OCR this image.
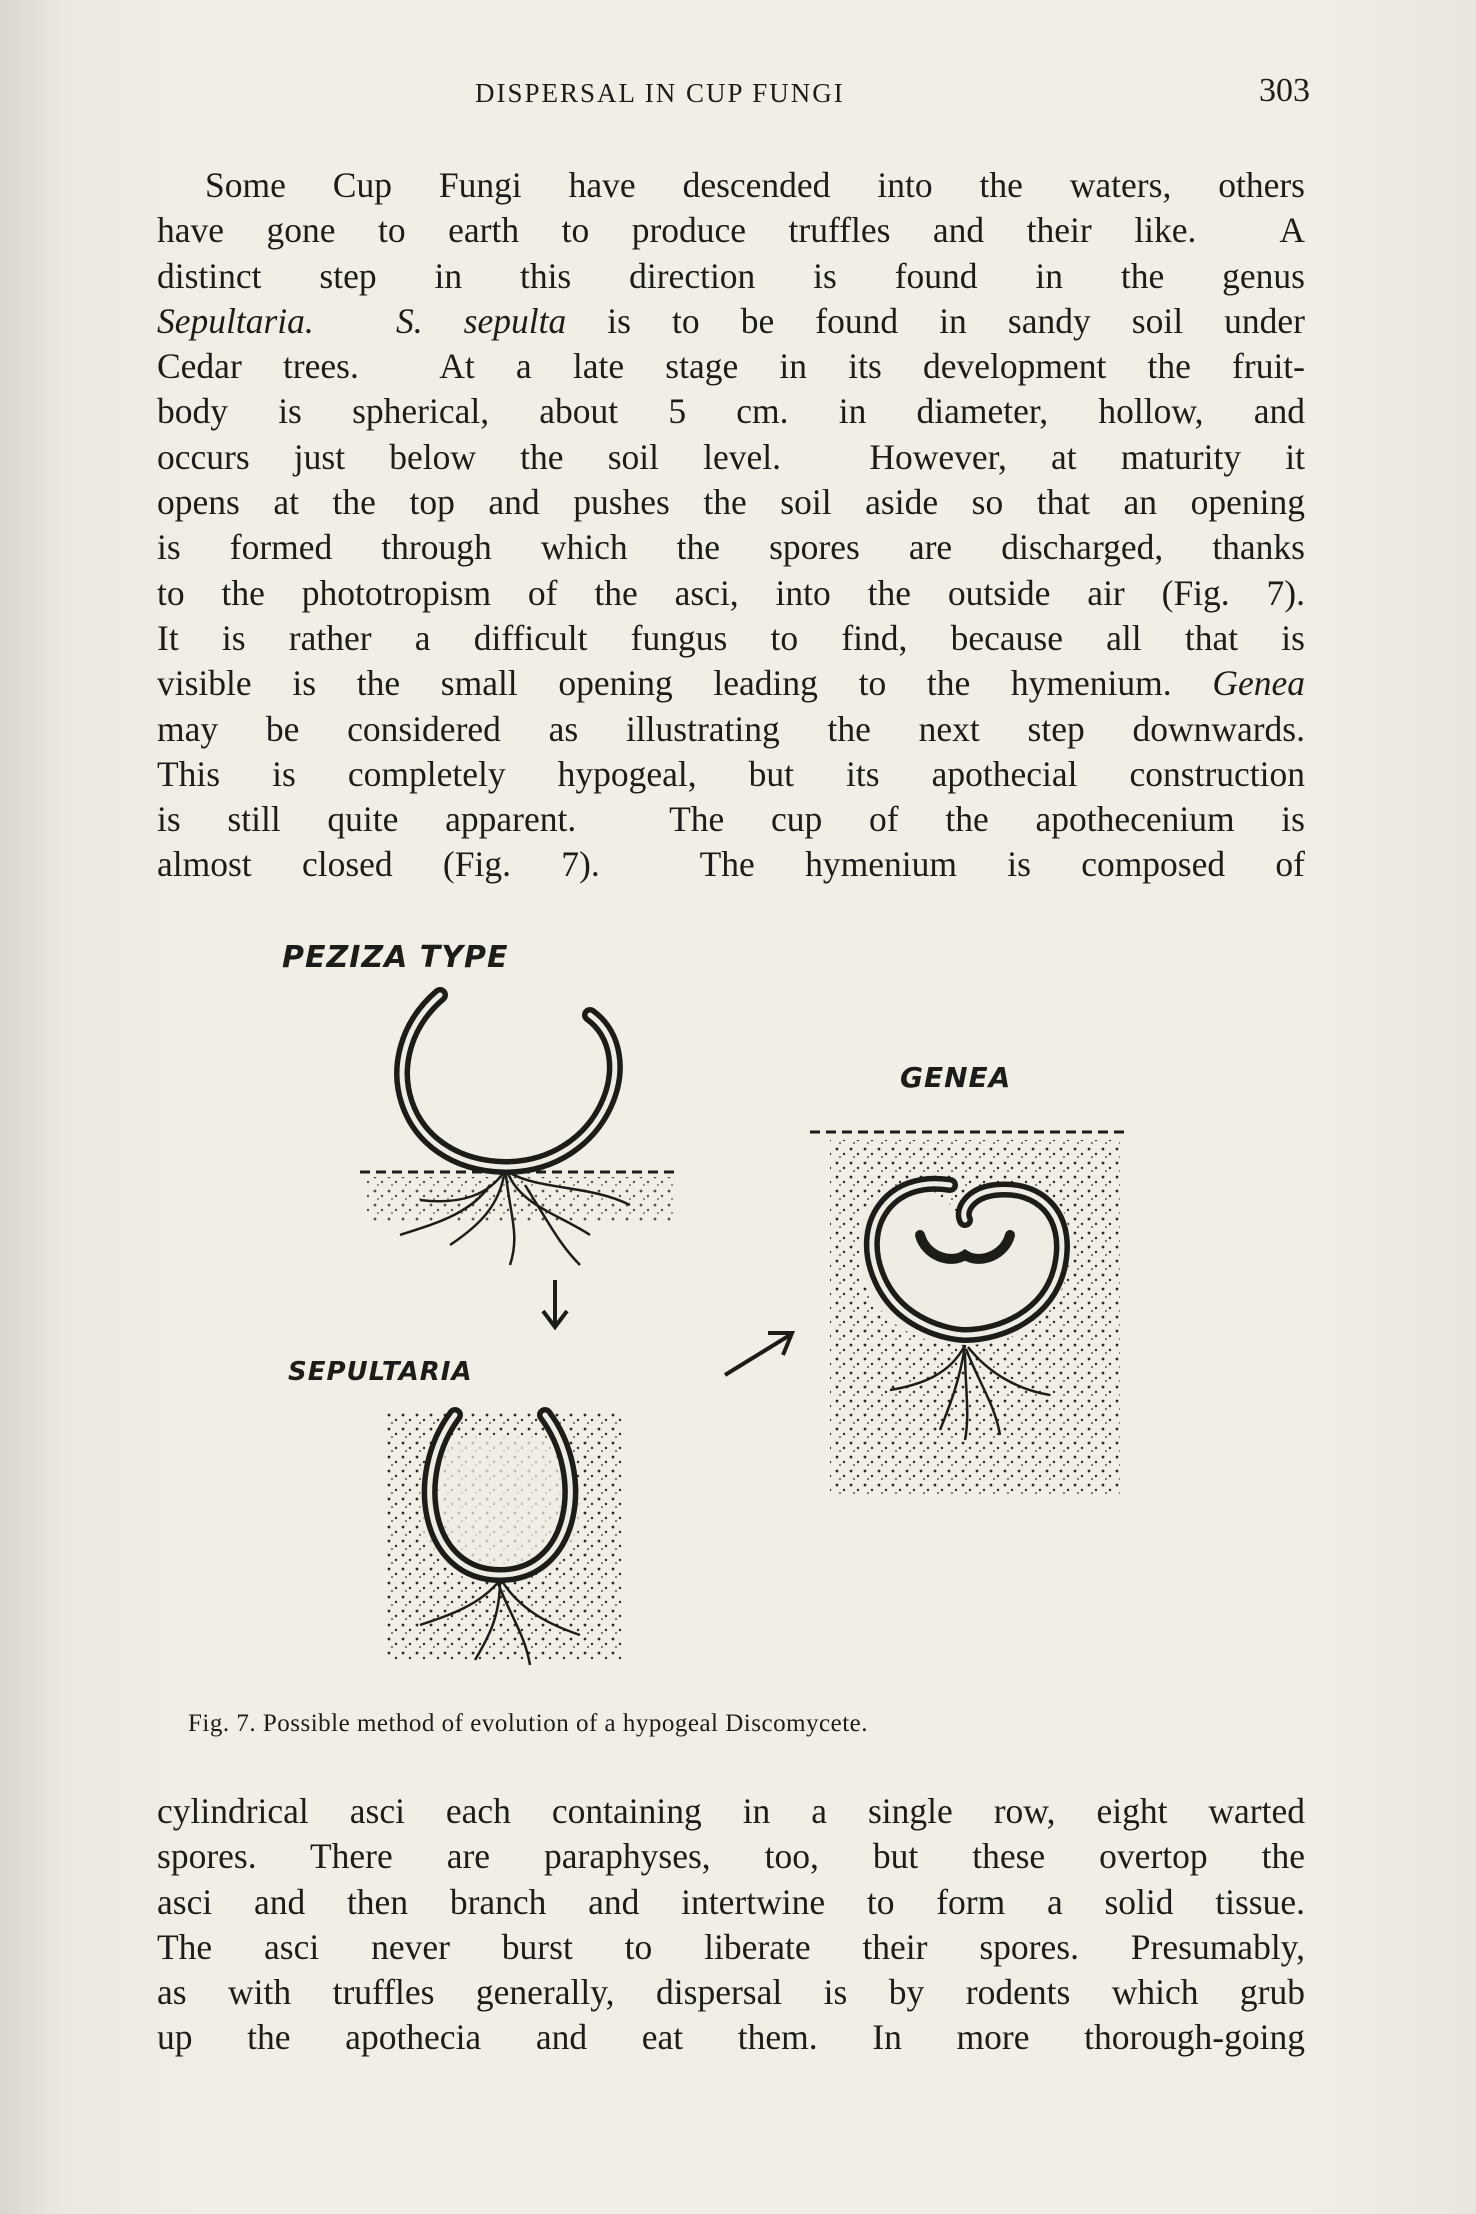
DISPERSAL IN CUP FUNGI	303
Some Cup Fungi have descended into the waters, others
have gone to earth to produce truffles and their like.  A
distinct step in this direction is found in the genus
Sepultaria. S. sepulta is to be found in sandy soil under
Cedar trees.  At a late stage in its development the fruit-
body is spherical, about 5 cm. in diameter, hollow, and
occurs just below the soil level.  However, at maturity it
opens at the top and pushes the soil aside so that an opening
is formed through which the spores are discharged, thanks
to the phototropism of the asci, into the outside air (Fig. 7).
It is rather a difficult fungus to find, because all that is
visible is the small opening leading to the hymenium. Genea
may be considered as illustrating the next step downwards.
This is completely hypogeal, but its apothecial construction
is still quite apparent.  The cup of the apothecenium is
almost closed (Fig. 7).  The hymenium is composed of
PEZIZA TYPE
GENEA
SEPULTARIA
Fig. 7. Possible method of evolution of a hypogeal Discomycete.
cylindrical asci each containing in a single row, eight warted
spores. There are paraphyses, too, but these overtop the
asci and then branch and intertwine to form a solid tissue.
The asci never burst to liberate their spores. Presumably,
as with truffles generally, dispersal is by rodents which grub
up the apothecia and eat them. In more thorough-going
